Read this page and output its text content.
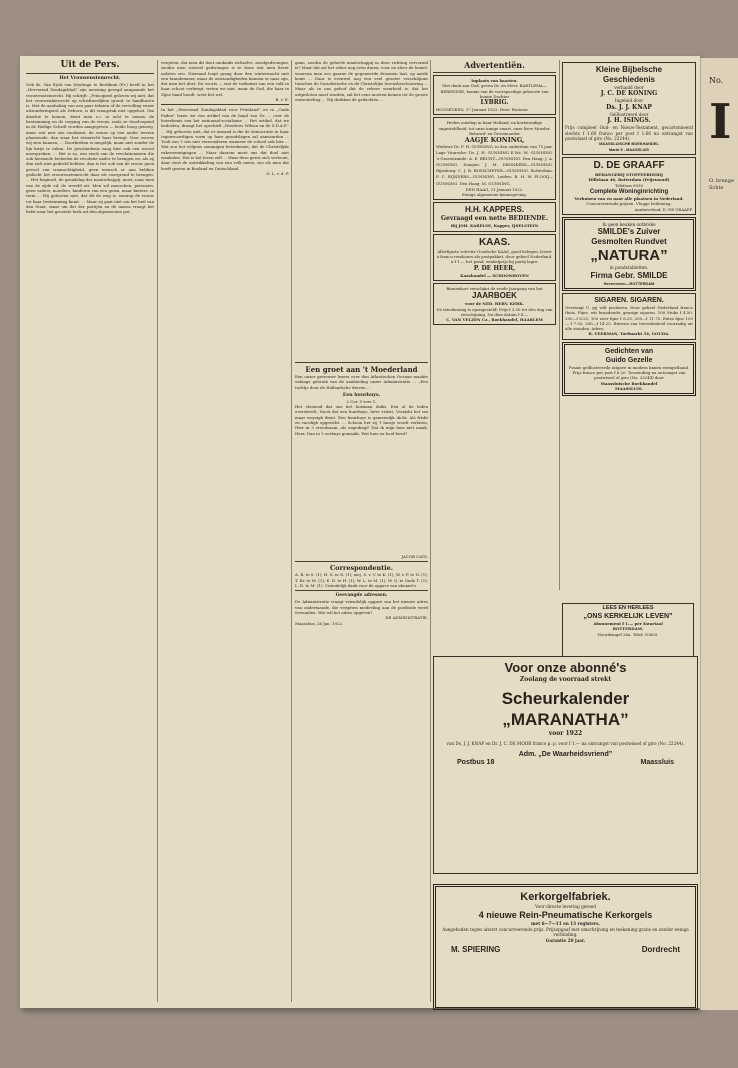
Uit de Pers.

Het Vrouwenstemrecht.

Ook ds. Van Eyck van Hoytinga te Berlikum (Fr.) heeft in het „Hervormd Zondagsblad” zijn meening gezegd aangaande het vrouwenstemrecht. Hij schrijft: „Principieel geloven wij niet, dat het vrouwenkiesrecht op schriftuurlijken grond, te handhaven is. Met de aanhaling van een paar teksten of de vervulling eener uitzonderingsrol als Debora, is dit vraagstuk niet opgelost. Om daarbie te komen, dient men o.i. in acht te nemen de bestemming en de roeping van de vrouw, zoals ze doorloopend in de Heilige Schrift worden aangegeven — beide hoog genoeg, maar wat met ons voorkomt, de vrouw op een ander terrein plaatsende, dan waar het stemrecht haar brengt. Voor zoover wij zien kunnen, ... Doorbreken is mogelijk, maar niet zonder de lijn kwijt te raken. De geschiedenis zaag hier ook een woord meespreken, ... Het is zo, een eisch van de revolutionairen die ook hiermede bedoelen de revolutie nader te brengen en, als zij dan zich niet gedoeld hebben, dan is het ook van de vrouw geen gevoel van waarachtigheid, geen mensch er aan hebben gedacht het vrouwenstemrecht daar als voorgrond te brengen. ... Het beginsel, de grondslag der maatschappij, moet, naar men van de zijde vif, de wereld uit. Men wil menschen, personen, geen vaders, moeders, kinderen van een gezin, maar kiezers, in trein ... Wij gelooven niet, dat dit de weg is, waarop de vrouw tot haar bestemming komt. ... Maar zij gaat niet om het heil van den Staat, maar om dat der partijen en de massa vraagt het liefst naar het grootste brok uit den algemeenen pot.

vergeten, dat men dit doet omdanks zichzelve, noodgedwongen, zoodra men zooveel gedwongen is te doen wat men liever nalaten zou. Niemand loopt graag door den wintermacht met een brandemmer, maar de omstandigheden kunnen er naar zijn, dat men het doet. En voorts — wat de toekomst van een volk in haar schoot verbergt, weten we niet, maar de God, die haar in Zijne hand houdt, weet het wel.

B. v. E.

In het „Hervormd Zondagsblad voor Friesland” en in „Oude Paden” lezen we een artikel van de hand van Dr. ... over de beteekenis van het nationaal-socialisme ... Het artikel, dat we bedoelen, draagt het opschrift „Woodrow Wilson en de S.D.A.P.” ... Wij gelooven niet, dat er iemand is die de democratie in haar tegenwoordigen vorm op hare grondslagen zal aanvaarden ... Tooh zou 't ons niet verwonderen wanneer de school ook hier ... Wat zou het volgens sommigen beteekenen, dat de Christelijke vakvereenigingen ... Maar daarom moet ons dat doel niet wankelen. Het is het leven zelf ... Waar deze geest zich vertoont, daar stort de ontwikkeling van een volk ineen, zoo als men dat heeft gezien in Rusland en Duitschland.

G. L. v. d. P.

gaan, zoodra de geheele maatschappij in deze richting vervormd is? Maar dat zal het zeker nog even duren, voor en aleer de hemel, waarvan men zoo gaarne de gegeneerde droomen laat, op aarde komt ... Daar is evenwel nog een veel grooter verschilpunt tusschen de Socialistische en de Christelijke levensbeschouwing ... Maar als in ons geloof dat de zekere waarheid is, dat het uitgesloten moet worden, zal het eens moeten komen tot de groote omwenteling ... Wij drukken de gedachten ...

Een groet aan 't Moederland

Een onzer getrouwe lezers over den Atlantischen Oceaan maakte onlangs gebruik van de aanbieding onzer Administratie ... „Een tochtje door de Hollandsche dreven ...

Een huurhuys.

2 Cor. 5 vers 1.

Het vloeiend dat ons het huisman duikt, Een al de leden overstreelt. Nooit dat een huurhuys, lieve vrient, Veraisht het om maar weyzigh dient. Een huurhuys is gemeenlijk dicht, Als frisht en vaceligh opgericht. ... Schoon het zij 't huisje wordt verlaten, Hier in 't vreedsaam, als ongedingt! Dat ik mijn huis niet maak, Heer, Dan in 't oerhuys gemaakt, Wat huis en hoof besit?

JACOB CATS.

Correspondentie.

A. B. te S. (1); H. S. te N. (1); mej. S. v. V. te K. (1); W. v. P. te N. (1); T. Kr. te M. (1); E. D. te H. (1); W. L. te M. (1); W. Q. te Oude T. (1); L. R. te M. (1). Vriendelijk dank voor de opgave van abonné's.

Geevangde adressen.

De Administratie vraagt vriendelijk opgave van het nieuwe adres van ondertaande, die vergeten medeeling aan de postbode werd verzonden. Wie wil het adres opgeven?

DE ADMINISTRATIE.

Maassluis, 26 Jan. 1922.

Advertentiën.

Inplaats van kaarten.

Met dank aan God, geven Dr. en Mevr. BARTLEMA—BERENDSE, kennis van de voorspoedige geboorte van hunne Dochter

LYBRIG.

HOOGEVEEN, 17 Januari 1922. Herv. Pastorie.

Heden ontsliep in haar Heiland, na kortstondige ongesteldheid, tot onze innige smart, onze lieve Moeder, Behuwd- en Grootmoeder

AAGJE KONING,

Weduwe Dr. F. H. GUNNING, in den ouderdom van 75 jaar.

Lage Vuursche: Ds. J. H. GUNNING E.Wz. M. GUNNING. 's-Gravenzande: A. E. BRUNT—GUNNING. Den Haag: J. A. GUNNING. Dongen: J. M. DRONKERS—GUNNING. Rijnsburg: C. J. B. BOSSCHETER—GUNNING. Rotterdam: F. C. RIJNDERS—GUNNING. Leiden: B. H. W. PLOOIJ—GUNNING. Den Haag: M. GUNNING.

DEN HAAG, 21 Januari 1922.

Eenige algemeene kennisgeving.

H.H. KAPPERS.

Gevraagd een nette BEDIENDE.

Bij JOH. KARELSE, Kapper, IJSELSTEIN

KAAS.

Allerfijnste volvette Goudsche KAAS, goed belegen, levert à franco rembours als postpakket, door geheel Nederland, à f 1.— het pond, winkelprijs bij partij lager.

P. DE HEER,

Kaashandel — SCHOONHOVEN

Binnenkort verschijnt de zesde Jaargang van het

JAARBOEK

voor de NED. HERV. KERK.

De inteekening is opengesteld! Prijs f 3.50 tot den dag van verschijning. Na dien datum f 4.—

C. VAN VELZEN Cz., Boekhandel, HAARLEM

Voor onze abonné's

Zoolang de voorraad strekt

Scheurkalender

„MARANATHA”

voor 1922

van Ds. J. J. KNAP en Dr. J. C. DE MOOR franco p. p. voor f 1.— na ontvangst van postwissel of giro (No. 22244).

Adm. „De Waarheidsvriend”

Postbus 18	Maassluis

Kerkorgelfabriek.

Voor directe levering gereed

4 nieuwe Rein-Pneumatische Kerkorgels

met 6—7—11 en 13 registers.

Aangeboden tegen uiterst concurreerende prijs. Prijsopgaaf met omschrijving en teekening gratis en zonder eenige verbinding.

Garantie 20 jaar.

M. SPIERING	Dordrecht

Kleine Bijbelsche

Geschiedenis

verhaald door

J. C. DE KONING

Ingeleid door

Ds. J. J. KNAP

Geïllustreerd door

J. H. ISINGS.

Prijs compleet Oud- en Nieuw-Testament, gecartonneerd slechts f 1.60 franco per post f 1.66 na ontvangst van postwissel of giro (No. 22244).

MAASSLUISCHE BOEKHANDEL

Markt 9 - MAASSLUIS

D. DE GRAAFF

BEHANGERIJ STOFFEERDERIJ

Hillelaan 46, Rotterdam (Feijenoord)

Telefoon 9930

Complete Woninginrichting

Verhuizen van en naar alle plaatsen in Nederland.

Concurreerende prijzen. Vlugge bediening.

Aanbevelend, D. DE GRAAFF.

In geen keuken ontbreke

SMILDE's Zuiver

Gesmolten Rundvet

„NATURA”

in pondstabletten.

Firma Gebr. SMILDE

Heerenveen—ROTTERDAM

SIGAREN. SIGAREN.

Overtuigt U, gij wilt proberen. Door geheel Nederland franco thuis. Fijne, wit brandende, geurige sigaren. 100 Stuks f 4.50, 200—f 8.25, 100 zeer fijne f 6.25, 200—f 11.75. Extra fijne 100 — f 7.50, 200—f 14.25. Brieven van tevredenheid voorradig uit alle standen. Adres:

R. VEERMAN, Turfmarkt 54, GOUDA.

Gedichten van

Guido Gezelle

Fraaie geïllustreerde uitgave in modern linnen stempelband. Prijs franco per post f 6.20. Toezending na ontvangst van postwissel of giro (No. 22244) door

Maassluische Boekhandel

MAASSLUIS.

LEES EN HERLEES

„ONS KERKELIJK LEVEN”

Abonnement f 1.— per Kwartaal

ROTTERDAM.

Noordsingel 26a. Telef. 10839.

No.
I
O, brenge Schte
